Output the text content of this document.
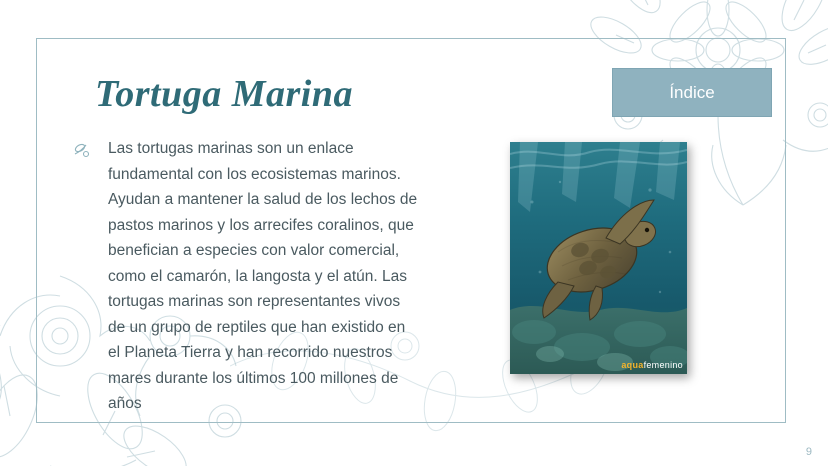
Tortuga Marina

Las tortugas marinas son un enlace fundamental con los ecosistemas marinos. Ayudan a mantener la salud de los lechos de pastos marinos y los arrecifes coralinos, que benefician a especies con valor comercial, como el camarón, la langosta y el atún. Las tortugas marinas son representantes vivos de un grupo de reptiles que han existido en el Planeta Tierra y han recorrido nuestros mares durante los últimos 100 millones de años

Índice
aquafemenino
9
